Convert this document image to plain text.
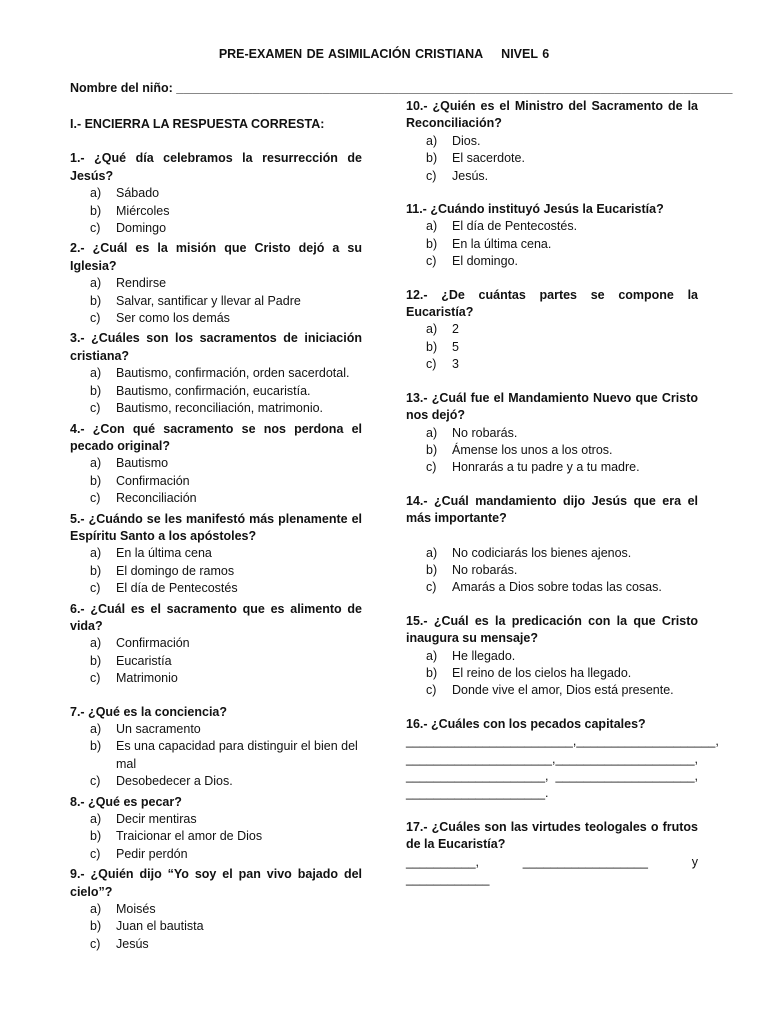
PRE-EXAMEN DE ASIMILACIÓN CRISTIANA NIVEL 6
Nombre del niño: ________________________________________________________________________________
I.- ENCIERRA LA RESPUESTA CORRESTA:
1.- ¿Qué día celebramos la resurrección de Jesús?
a)	Sábado
b)	Miércoles
c)	Domingo
2.- ¿Cuál es la misión que Cristo dejó a su Iglesia?
a)	Rendirse
b)	Salvar, santificar y llevar al Padre
c)	Ser como los demás
3.- ¿Cuáles son los sacramentos de iniciación cristiana?
a)	Bautismo, confirmación, orden sacerdotal.
b)	Bautismo, confirmación, eucaristía.
c)	Bautismo, reconciliación, matrimonio.
4.- ¿Con qué sacramento se nos perdona el pecado original?
a)	Bautismo
b)	Confirmación
c)	Reconciliación
5.- ¿Cuándo se les manifestó más plenamente el Espíritu Santo a los apóstoles?
a)	En la última cena
b)	El domingo de ramos
c)	El día de Pentecostés
6.- ¿Cuál es el sacramento que es alimento de vida?
a)	Confirmación
b)	Eucaristía
c)	Matrimonio
7.- ¿Qué es la conciencia?
a)	Un sacramento
b)	Es una capacidad para distinguir el bien del mal
c)	Desobedecer a Dios.
8.- ¿Qué es pecar?
a)	Decir mentiras
b)	Traicionar el amor de Dios
c)	Pedir perdón
9.- ¿Quién dijo “Yo soy el pan vivo bajado del cielo”?
a)	Moisés
b)	Juan el bautista
c)	Jesús
10.- ¿Quién es el Ministro del Sacramento de la Reconciliación?
a)	Dios.
b)	El sacerdote.
c)	Jesús.
11.- ¿Cuándo instituyó Jesús la Eucaristía?
a)	El día de Pentecostés.
b)	En la última cena.
c)	El domingo.
12.- ¿De cuántas partes se compone la Eucaristía?
a)	2
b)	5
c)	3
13.- ¿Cuál fue el Mandamiento Nuevo que Cristo nos dejó?
a)	No robarás.
b)	Ámense los unos a los otros.
c)	Honrarás a tu padre y a tu madre.
14.- ¿Cuál mandamiento dijo Jesús que era el más importante?
a)	No codiciarás los bienes ajenos.
b)	No robarás.
c)	Amarás a Dios sobre todas las cosas.
15.- ¿Cuál es la predicación con la que Cristo inaugura su mensaje?
a)	He llegado.
b)	El reino de los cielos ha llegado.
c)	Donde vive el amor, Dios está presente.
16.- ¿Cuáles con los pecados capitales?
________________________, ____________________,
_____________________, ____________________,
____________________, ____________________,
____________________.
17.- ¿Cuáles son las virtudes teologales o frutos de la Eucaristía?
__________,	__________________	y
____________
